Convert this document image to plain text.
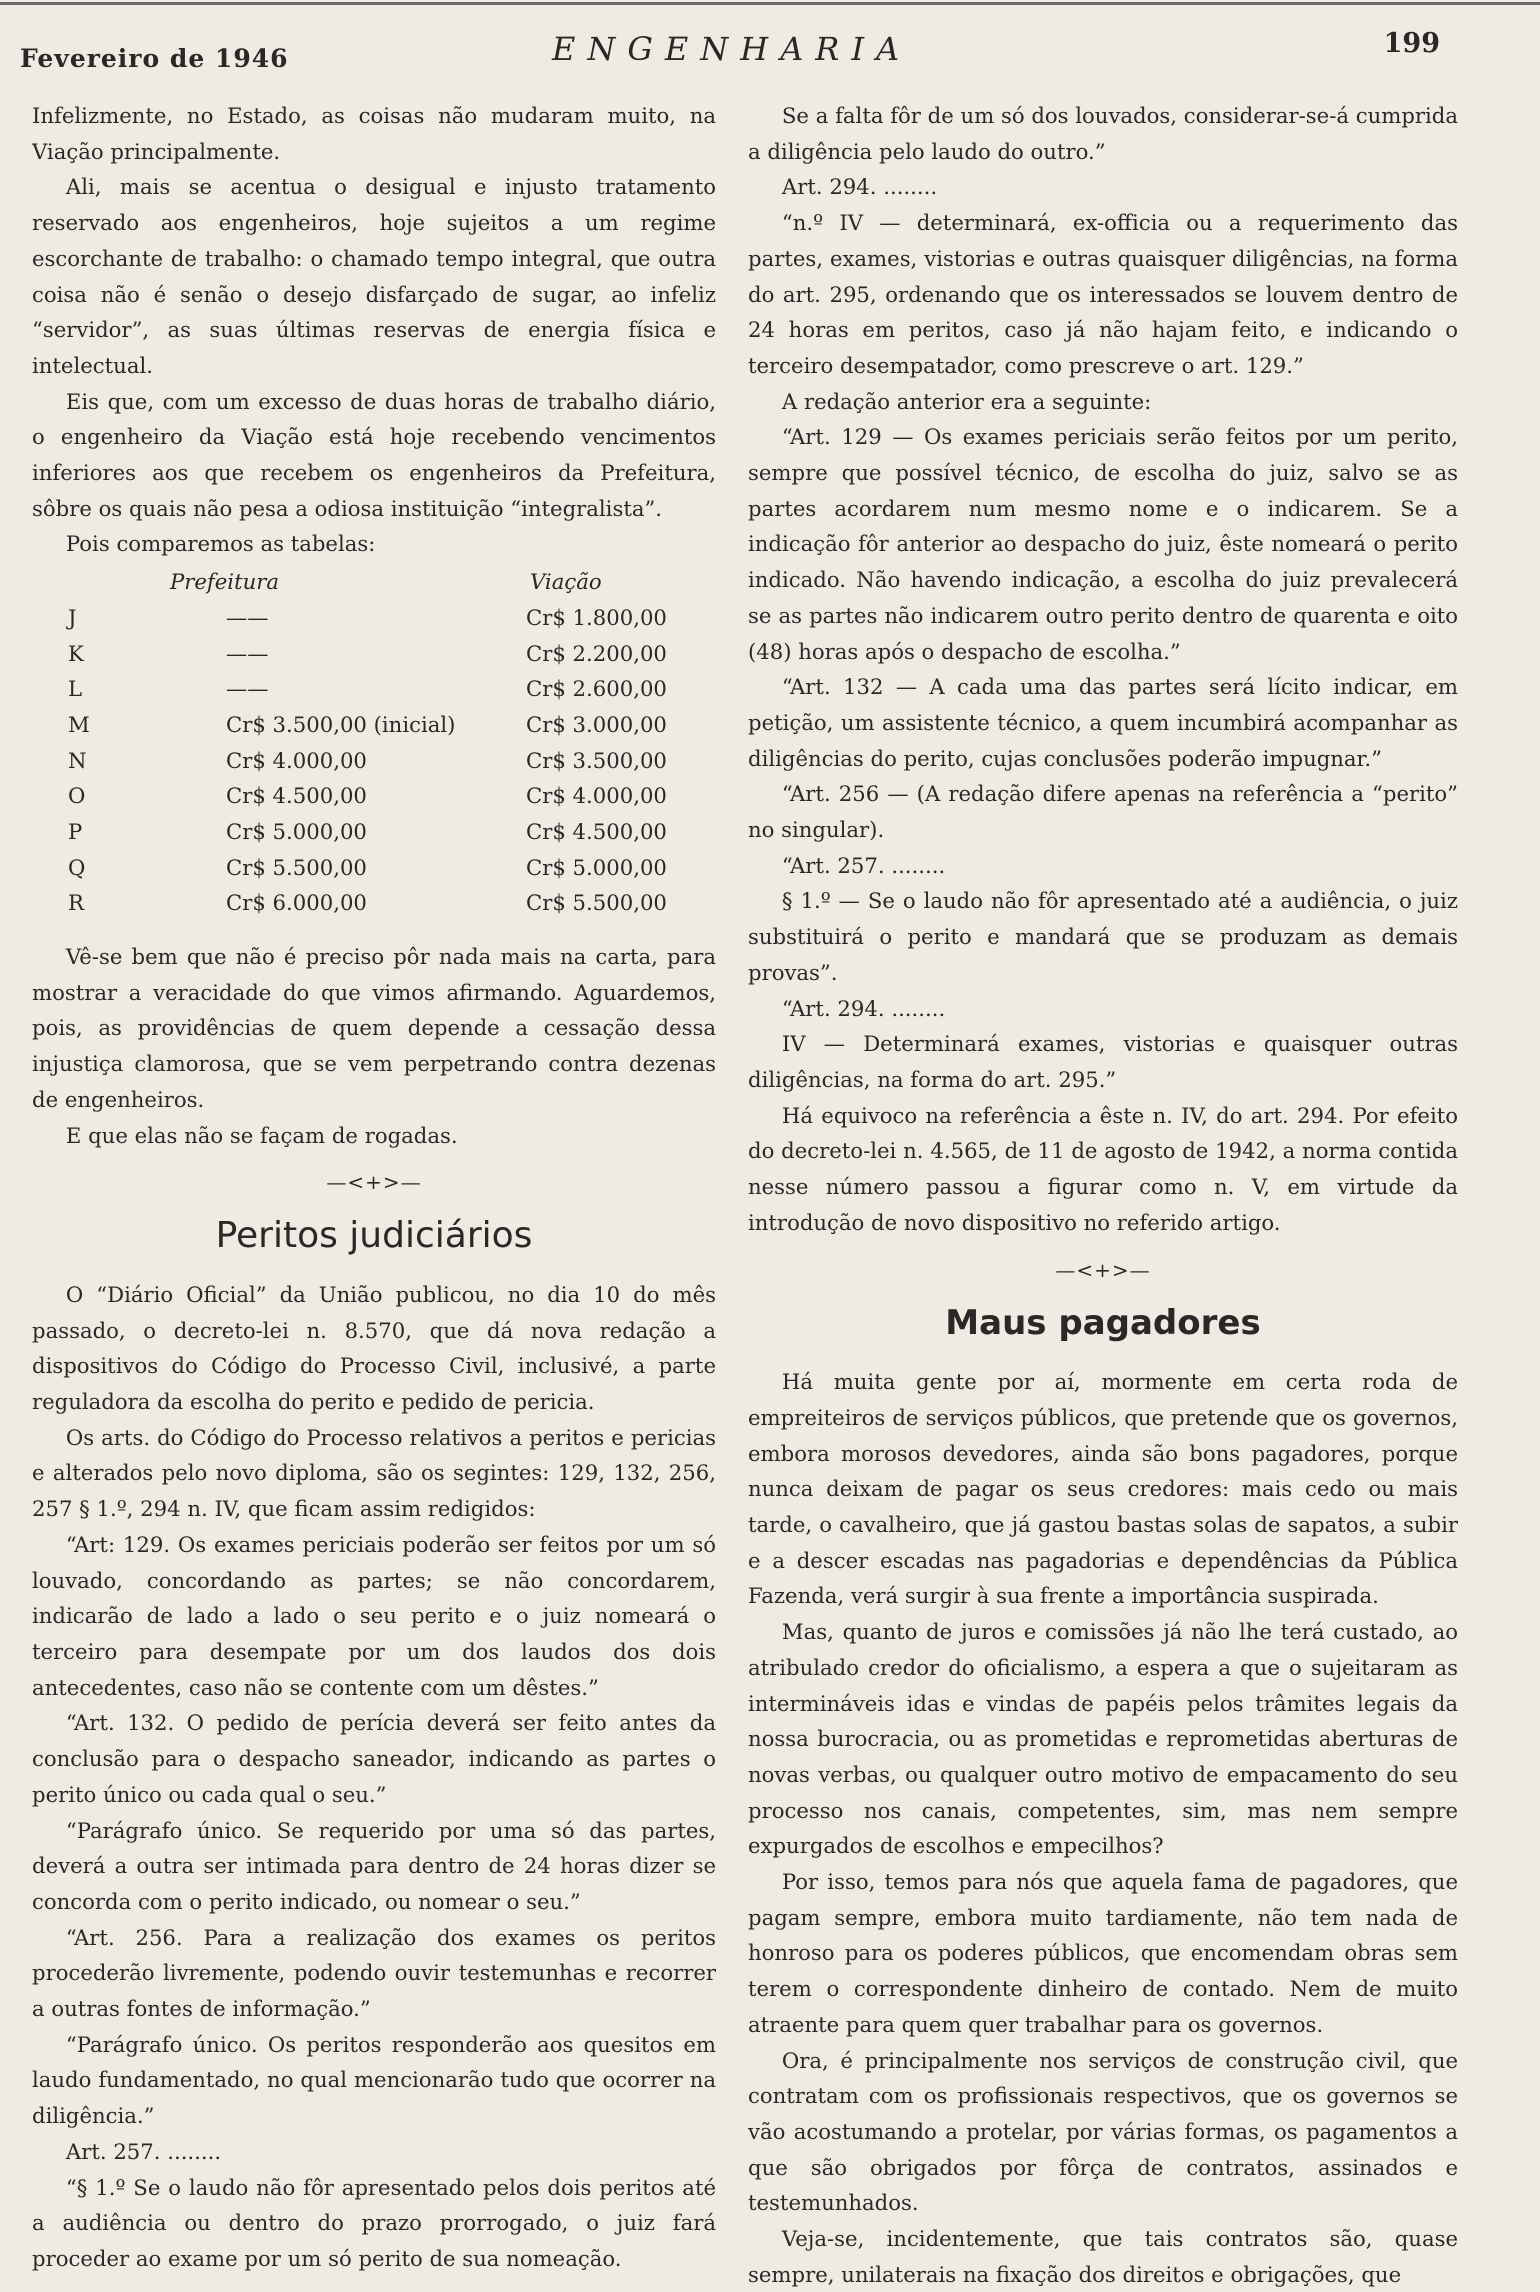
Fevereiro de 1946	ENGENHARIA	199

Infelizmente, no Estado, as coisas não mudaram muito, na Viação principalmente.

Ali, mais se acentua o desigual e injusto tratamento reservado aos engenheiros, hoje sujeitos a um regime escorchante de trabalho: o chamado tempo integral, que outra coisa não é senão o desejo disfarçado de sugar, ao infeliz “servidor”, as suas últimas reservas de energia física e intelectual.

Eis que, com um excesso de duas horas de trabalho diário, o engenheiro da Viação está hoje recebendo vencimentos inferiores aos que recebem os engenheiros da Prefeitura, sôbre os quais não pesa a odiosa instituição “integralista”.

Pois comparemos as tabelas:

Prefeitura	Viação
J	——	Cr$ 1.800,00
K	——	Cr$ 2.200,00
L	——	Cr$ 2.600,00
M	Cr$ 3.500,00 (inicial)	Cr$ 3.000,00
N	Cr$ 4.000,00	Cr$ 3.500,00
O	Cr$ 4.500,00	Cr$ 4.000,00
P	Cr$ 5.000,00	Cr$ 4.500,00
Q	Cr$ 5.500,00	Cr$ 5.000,00
R	Cr$ 6.000,00	Cr$ 5.500,00

Vê-se bem que não é preciso pôr nada mais na carta, para mostrar a veracidade do que vimos afirmando. Aguardemos, pois, as providências de quem depende a cessação dessa injustiça clamorosa, que se vem perpetrando contra dezenas de engenheiros.

E que elas não se façam de rogadas.

—<+>—
Peritos judiciários

O “Diário Oficial” da União publicou, no dia 10 do mês passado, o decreto-lei n. 8.570, que dá nova redação a dispositivos do Código do Processo Civil, inclusivé, a parte reguladora da escolha do perito e pedido de pericia.

Os arts. do Código do Processo relativos a peritos e pericias e alterados pelo novo diploma, são os segintes: 129, 132, 256, 257 § 1.º, 294 n. IV, que ficam assim redigidos:

“Art: 129. Os exames periciais poderão ser feitos por um só louvado, concordando as partes; se não concordarem, indicarão de lado a lado o seu perito e o juiz nomeará o terceiro para desempate por um dos laudos dos dois antecedentes, caso não se contente com um dêstes.”

“Art. 132. O pedido de perícia deverá ser feito antes da conclusão para o despacho saneador, indicando as partes o perito único ou cada qual o seu.”

“Parágrafo único. Se requerido por uma só das partes, deverá a outra ser intimada para dentro de 24 horas dizer se concorda com o perito indicado, ou nomear o seu.”

“Art. 256. Para a realização dos exames os peritos procederão livremente, podendo ouvir testemunhas e recorrer a outras fontes de informação.”

“Parágrafo único. Os peritos responderão aos quesitos em laudo fundamentado, no qual mencionarão tudo que ocorrer na diligência.”

Art. 257. ........

“§ 1.º Se o laudo não fôr apresentado pelos dois peritos até a audiência ou dentro do prazo prorrogado, o juiz fará proceder ao exame por um só perito de sua nomeação.

Se a falta fôr de um só dos louvados, considerar-se-á cumprida a diligência pelo laudo do outro.”

Art. 294. ........

“n.º IV — determinará, ex-officia ou a requerimento das partes, exames, vistorias e outras quaisquer diligências, na forma do art. 295, ordenando que os interessados se louvem dentro de 24 horas em peritos, caso já não hajam feito, e indicando o terceiro desempatador, como prescreve o art. 129.”

A redação anterior era a seguinte:

“Art. 129 — Os exames periciais serão feitos por um perito, sempre que possível técnico, de escolha do juiz, salvo se as partes acordarem num mesmo nome e o indicarem. Se a indicação fôr anterior ao despacho do juiz, êste nomeará o perito indicado. Não havendo indicação, a escolha do juiz prevalecerá se as partes não indicarem outro perito dentro de quarenta e oito (48) horas após o despacho de escolha.”

“Art. 132 — A cada uma das partes será lícito indicar, em petição, um assistente técnico, a quem incumbirá acompanhar as diligências do perito, cujas conclusões poderão impugnar.”

“Art. 256 — (A redação difere apenas na referência a “perito” no singular).

“Art. 257. ........

§ 1.º — Se o laudo não fôr apresentado até a audiência, o juiz substituirá o perito e mandará que se produzam as demais provas”.

“Art. 294. ........

IV — Determinará exames, vistorias e quaisquer outras diligências, na forma do art. 295.”

Há equivoco na referência a êste n. IV, do art. 294. Por efeito do decreto-lei n. 4.565, de 11 de agosto de 1942, a norma contida nesse número passou a figurar como n. V, em virtude da introdução de novo dispositivo no referido artigo.

—<+>—
Maus pagadores

Há muita gente por aí, mormente em certa roda de empreiteiros de serviços públicos, que pretende que os governos, embora morosos devedores, ainda são bons pagadores, porque nunca deixam de pagar os seus credores: mais cedo ou mais tarde, o cavalheiro, que já gastou bastas solas de sapatos, a subir e a descer escadas nas pagadorias e dependências da Pública Fazenda, verá surgir à sua frente a importância suspirada.

Mas, quanto de juros e comissões já não lhe terá custado, ao atribulado credor do oficialismo, a espera a que o sujeitaram as intermináveis idas e vindas de papéis pelos trâmites legais da nossa burocracia, ou as prometidas e reprometidas aberturas de novas verbas, ou qualquer outro motivo de empacamento do seu processo nos canais, competentes, sim, mas nem sempre expurgados de escolhos e empecilhos?

Por isso, temos para nós que aquela fama de pagadores, que pagam sempre, embora muito tardiamente, não tem nada de honroso para os poderes públicos, que encomendam obras sem terem o correspondente dinheiro de contado. Nem de muito atraente para quem quer trabalhar para os governos.

Ora, é principalmente nos serviços de construção civil, que contratam com os profissionais respectivos, que os governos se vão acostumando a protelar, por várias formas, os pagamentos a que são obrigados por fôrça de contratos, assinados e testemunhados.

Veja-se, incidentemente, que tais contratos são, quase sempre, unilaterais na fixação dos direitos e obrigações, que
